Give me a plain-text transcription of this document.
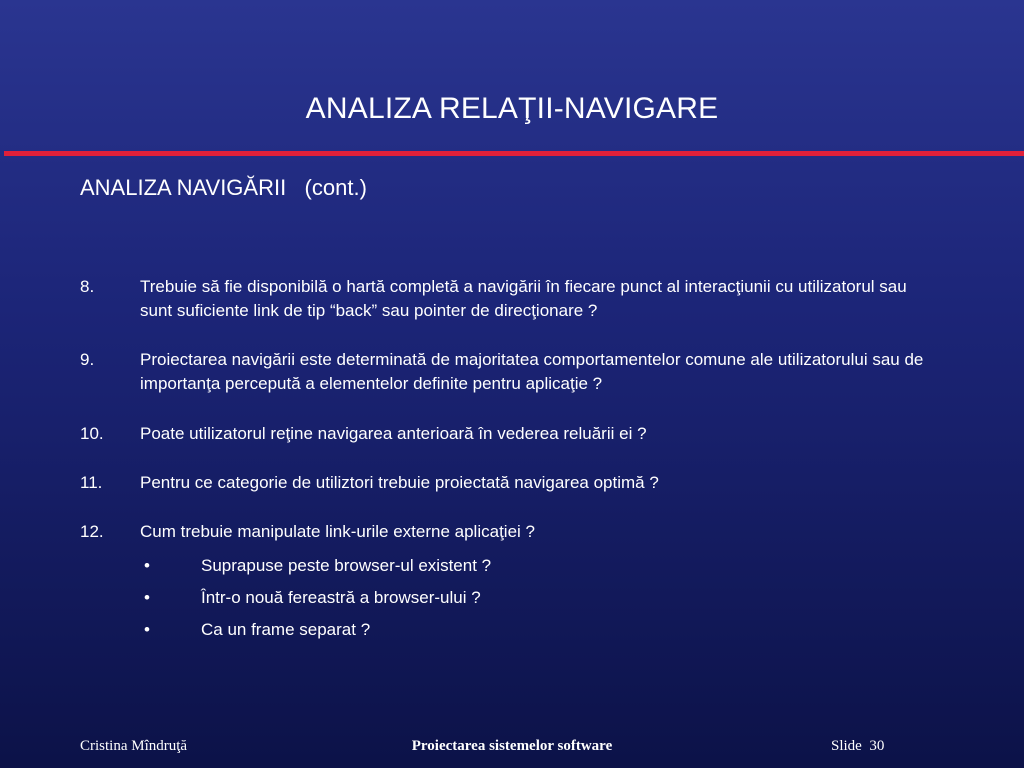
ANALIZA RELAŢII-NAVIGARE
ANALIZA NAVIGĂRII   (cont.)
8.	Trebuie să fie disponibilă o hartă completă a navigării în fiecare punct al interacţiunii cu utilizatorul sau sunt suficiente link de tip “back” sau pointer de direcţionare ?
9.	Proiectarea navigării este determinată de majoritatea comportamentelor comune ale utilizatorului sau de importanţa percepută a elementelor definite pentru aplicaţie ?
10. Poate utilizatorul reţine navigarea anterioară în vederea reluării ei ?
11. Pentru ce categorie de utiliztori trebuie proiectată navigarea optimă ?
12. Cum trebuie manipulate link-urile externe aplicaţiei ?
•	Suprapuse peste browser-ul existent ?
•	Într-o nouă fereastră a browser-ului ?
•	Ca un frame separat ?
Cristina Mîndruţă	Proiectarea sistemelor software	Slide  30
